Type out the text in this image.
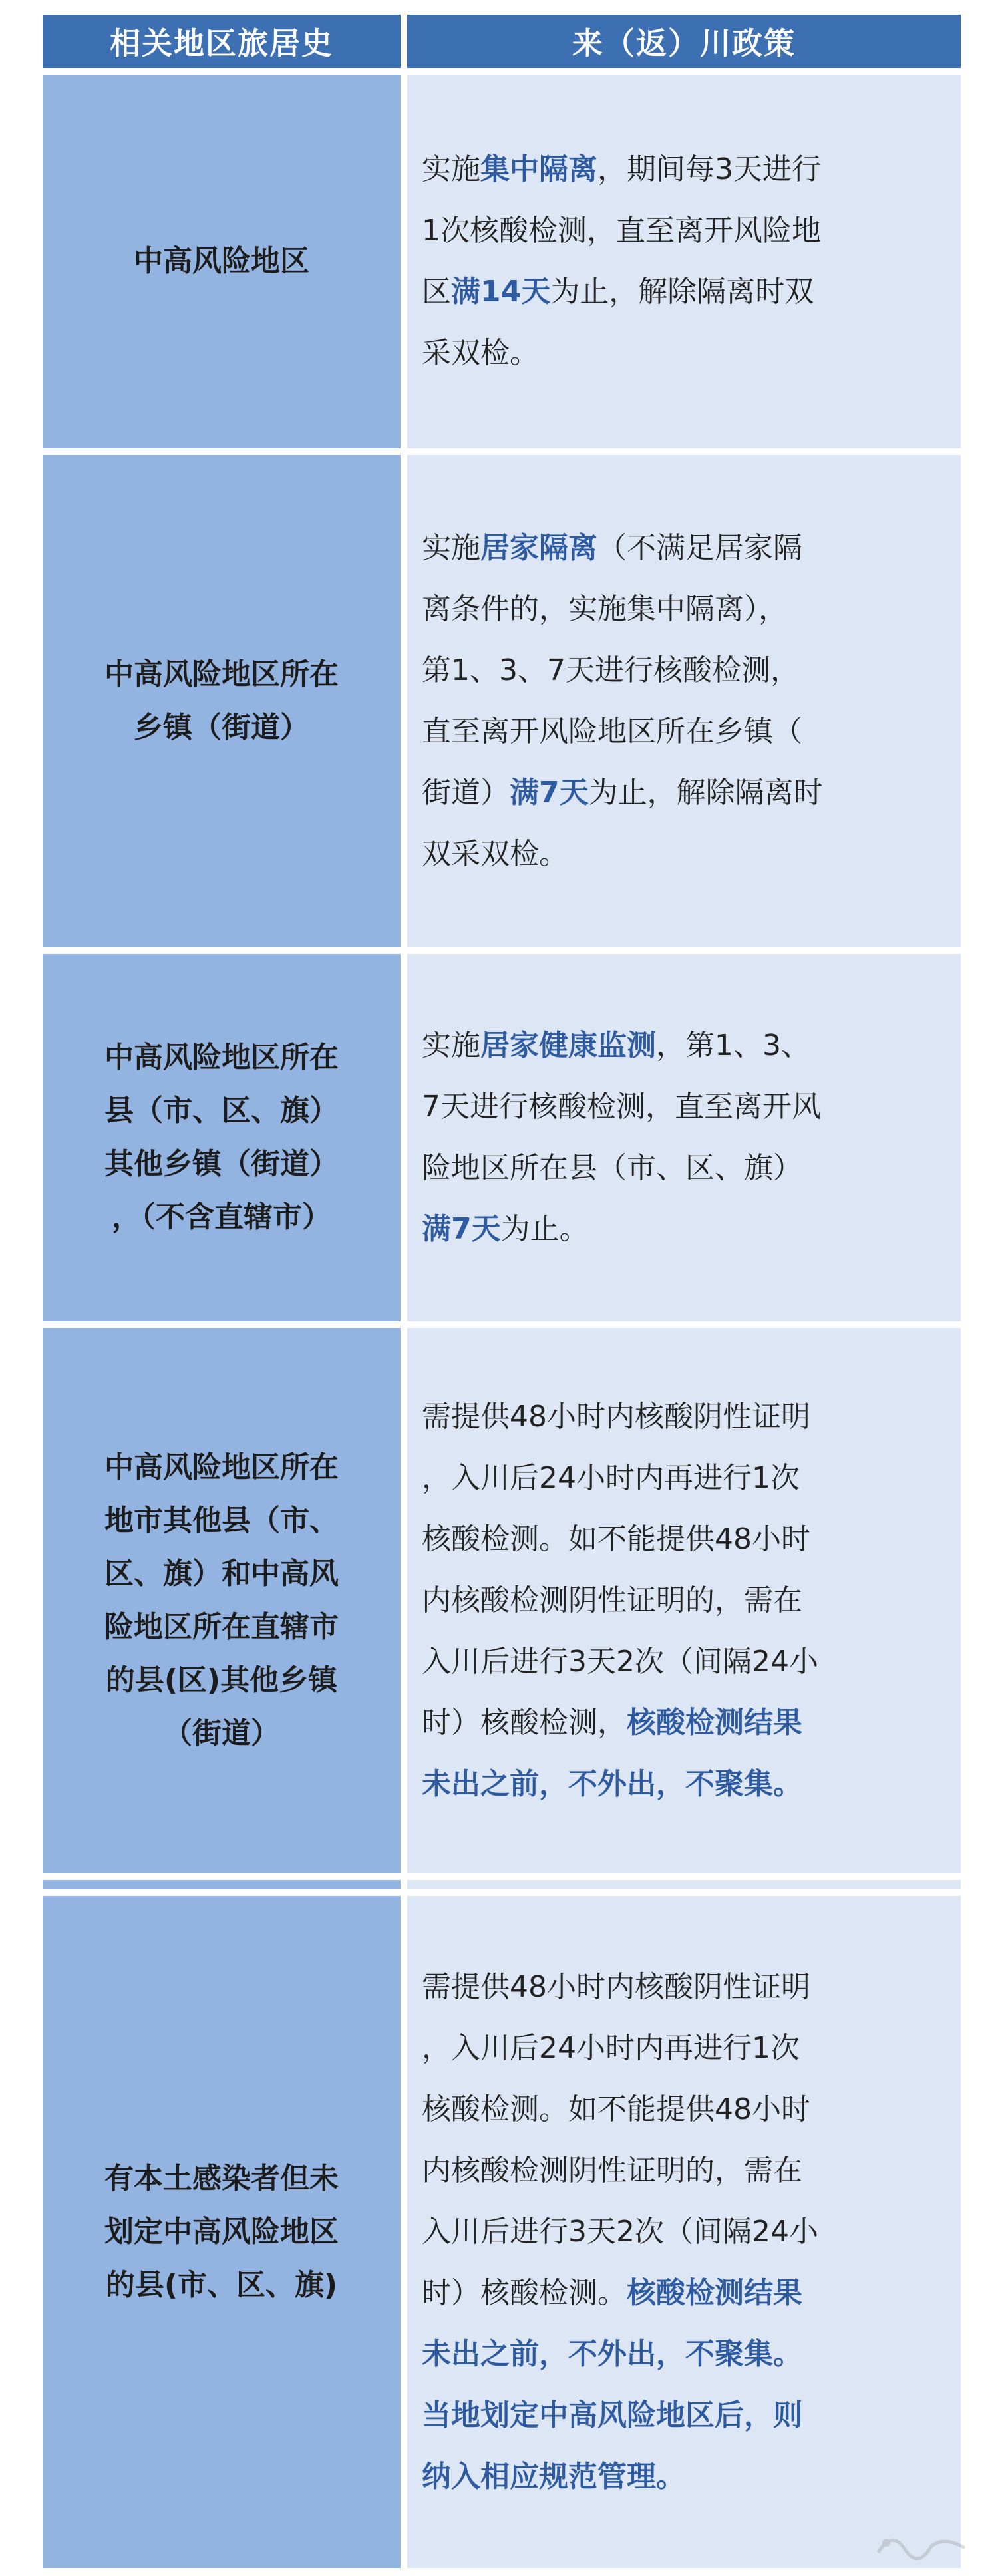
相关地区旅居史	来（返）川政策
中高风险地区
实施集中隔离，期间每3天进行
1次核酸检测，直至离开风险地
区满14天为止，解除隔离时双
采双检。
中高风险地区所在
乡镇（街道）
实施居家隔离（不满足居家隔
离条件的，实施集中隔离），
第1、3、7天进行核酸检测，
直至离开风险地区所在乡镇（
街道）满7天为止，解除隔离时
双采双检。
中高风险地区所在
县（市、区、旗）
其他乡镇（街道）
，（不含直辖市）
实施居家健康监测，第1、3、
7天进行核酸检测，直至离开风
险地区所在县（市、区、旗）
满7天为止。
中高风险地区所在
地市其他县（市、
区、旗）和中高风
险地区所在直辖市
的县(区)其他乡镇
（街道）
需提供48小时内核酸阴性证明
，入川后24小时内再进行1次
核酸检测。如不能提供48小时
内核酸检测阴性证明的，需在
入川后进行3天2次（间隔24小
时）核酸检测，核酸检测结果
未出之前，不外出，不聚集。
有本土感染者但未
划定中高风险地区
的县(市、区、旗)
需提供48小时内核酸阴性证明
，入川后24小时内再进行1次
核酸检测。如不能提供48小时
内核酸检测阴性证明的，需在
入川后进行3天2次（间隔24小
时）核酸检测。核酸检测结果
未出之前，不外出，不聚集。
当地划定中高风险地区后，则
纳入相应规范管理。
